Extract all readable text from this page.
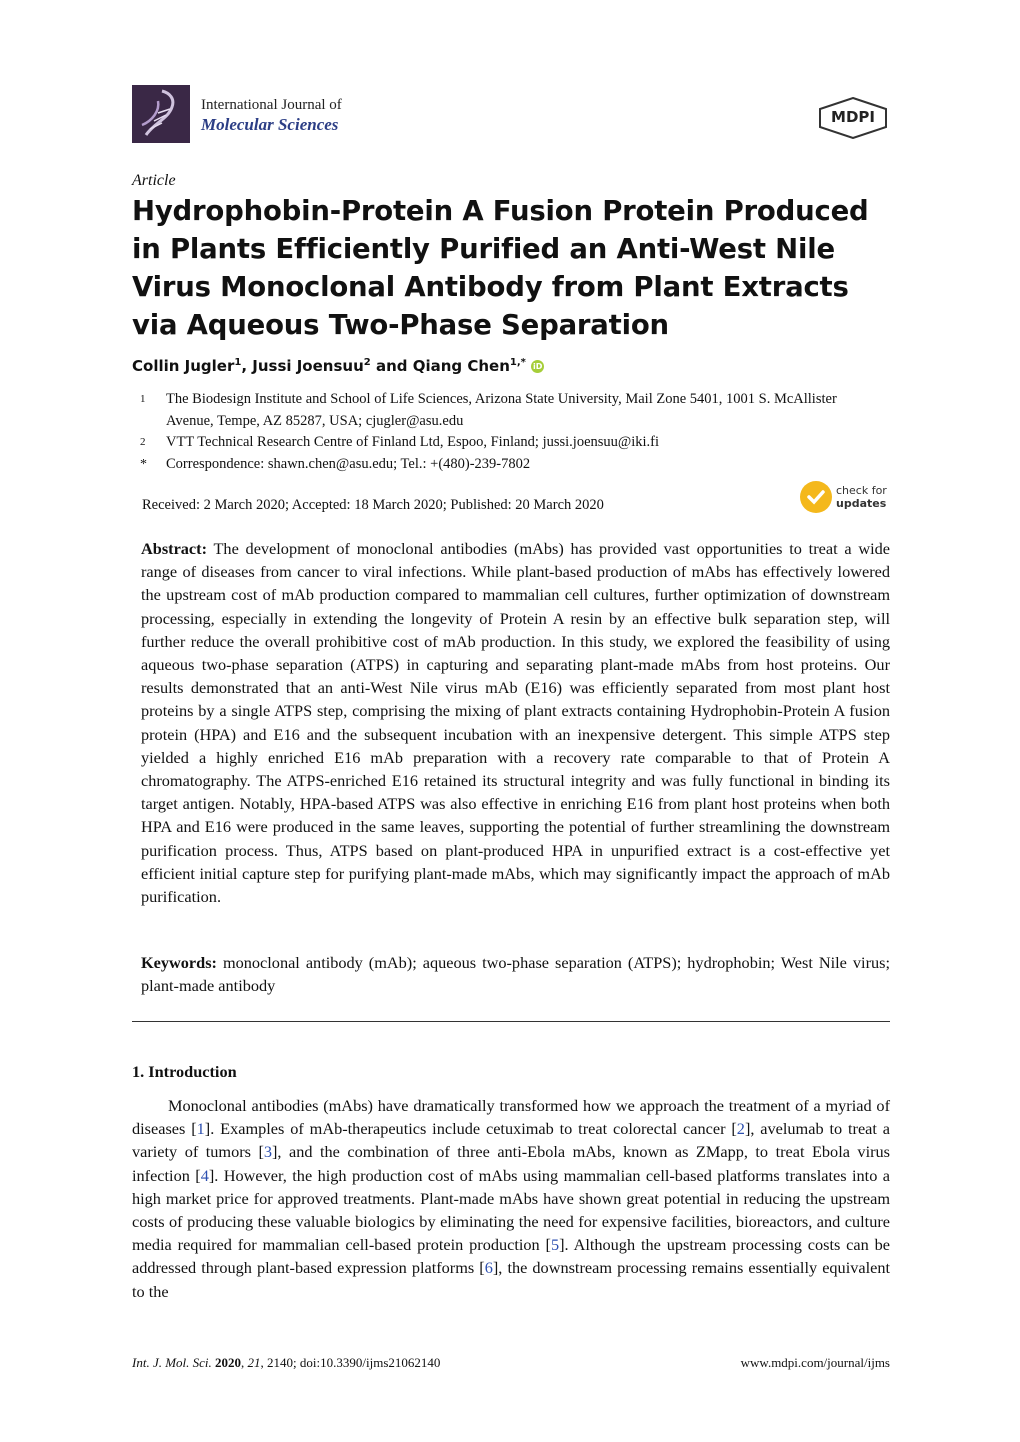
International Journal of
Molecular Sciences	MDPI
Article
Hydrophobin-Protein A Fusion Protein Produced in Plants Efficiently Purified an Anti-West Nile Virus Monoclonal Antibody from Plant Extracts via Aqueous Two-Phase Separation
Collin Jugler$^1$, Jussi Joensuu$^2$ and Qiang Chen$^{1,*}$ iD
1 The Biodesign Institute and School of Life Sciences, Arizona State University, Mail Zone 5401, 1001 S. McAllister Avenue, Tempe, AZ 85287, USA; cjugler@asu.edu
2 VTT Technical Research Centre of Finland Ltd, Espoo, Finland; jussi.joensuu@iki.fi
* Correspondence: shawn.chen@asu.edu; Tel.: +(480)-239-7802
Received: 2 March 2020; Accepted: 18 March 2020; Published: 20 March 2020
check for
updates

Abstract: The development of monoclonal antibodies (mAbs) has provided vast opportunities to treat a wide range of diseases from cancer to viral infections. While plant-based production of mAbs has effectively lowered the upstream cost of mAb production compared to mammalian cell cultures, further optimization of downstream processing, especially in extending the longevity of Protein A resin by an effective bulk separation step, will further reduce the overall prohibitive cost of mAb production. In this study, we explored the feasibility of using aqueous two-phase separation (ATPS) in capturing and separating plant-made mAbs from host proteins. Our results demonstrated that an anti-West Nile virus mAb (E16) was efficiently separated from most plant host proteins by a single ATPS step, comprising the mixing of plant extracts containing Hydrophobin-Protein A fusion protein (HPA) and E16 and the subsequent incubation with an inexpensive detergent. This simple ATPS step yielded a highly enriched E16 mAb preparation with a recovery rate comparable to that of Protein A chromatography. The ATPS-enriched E16 retained its structural integrity and was fully functional in binding its target antigen. Notably, HPA-based ATPS was also effective in enriching E16 from plant host proteins when both HPA and E16 were produced in the same leaves, supporting the potential of further streamlining the downstream purification process. Thus, ATPS based on plant-produced HPA in unpurified extract is a cost-effective yet efficient initial capture step for purifying plant-made mAbs, which may significantly impact the approach of mAb purification.

Keywords: monoclonal antibody (mAb); aqueous two-phase separation (ATPS); hydrophobin; West Nile virus; plant-made antibody

1. Introduction

Monoclonal antibodies (mAbs) have dramatically transformed how we approach the treatment of a myriad of diseases [1]. Examples of mAb-therapeutics include cetuximab to treat colorectal cancer [2], avelumab to treat a variety of tumors [3], and the combination of three anti-Ebola mAbs, known as ZMapp, to treat Ebola virus infection [4]. However, the high production cost of mAbs using mammalian cell-based platforms translates into a high market price for approved treatments. Plant-made mAbs have shown great potential in reducing the upstream costs of producing these valuable biologics by eliminating the need for expensive facilities, bioreactors, and culture media required for mammalian cell-based protein production [5]. Although the upstream processing costs can be addressed through plant-based expression platforms [6], the downstream processing remains essentially equivalent to the

Int. J. Mol. Sci. 2020, 21, 2140; doi:10.3390/ijms21062140	www.mdpi.com/journal/ijms
